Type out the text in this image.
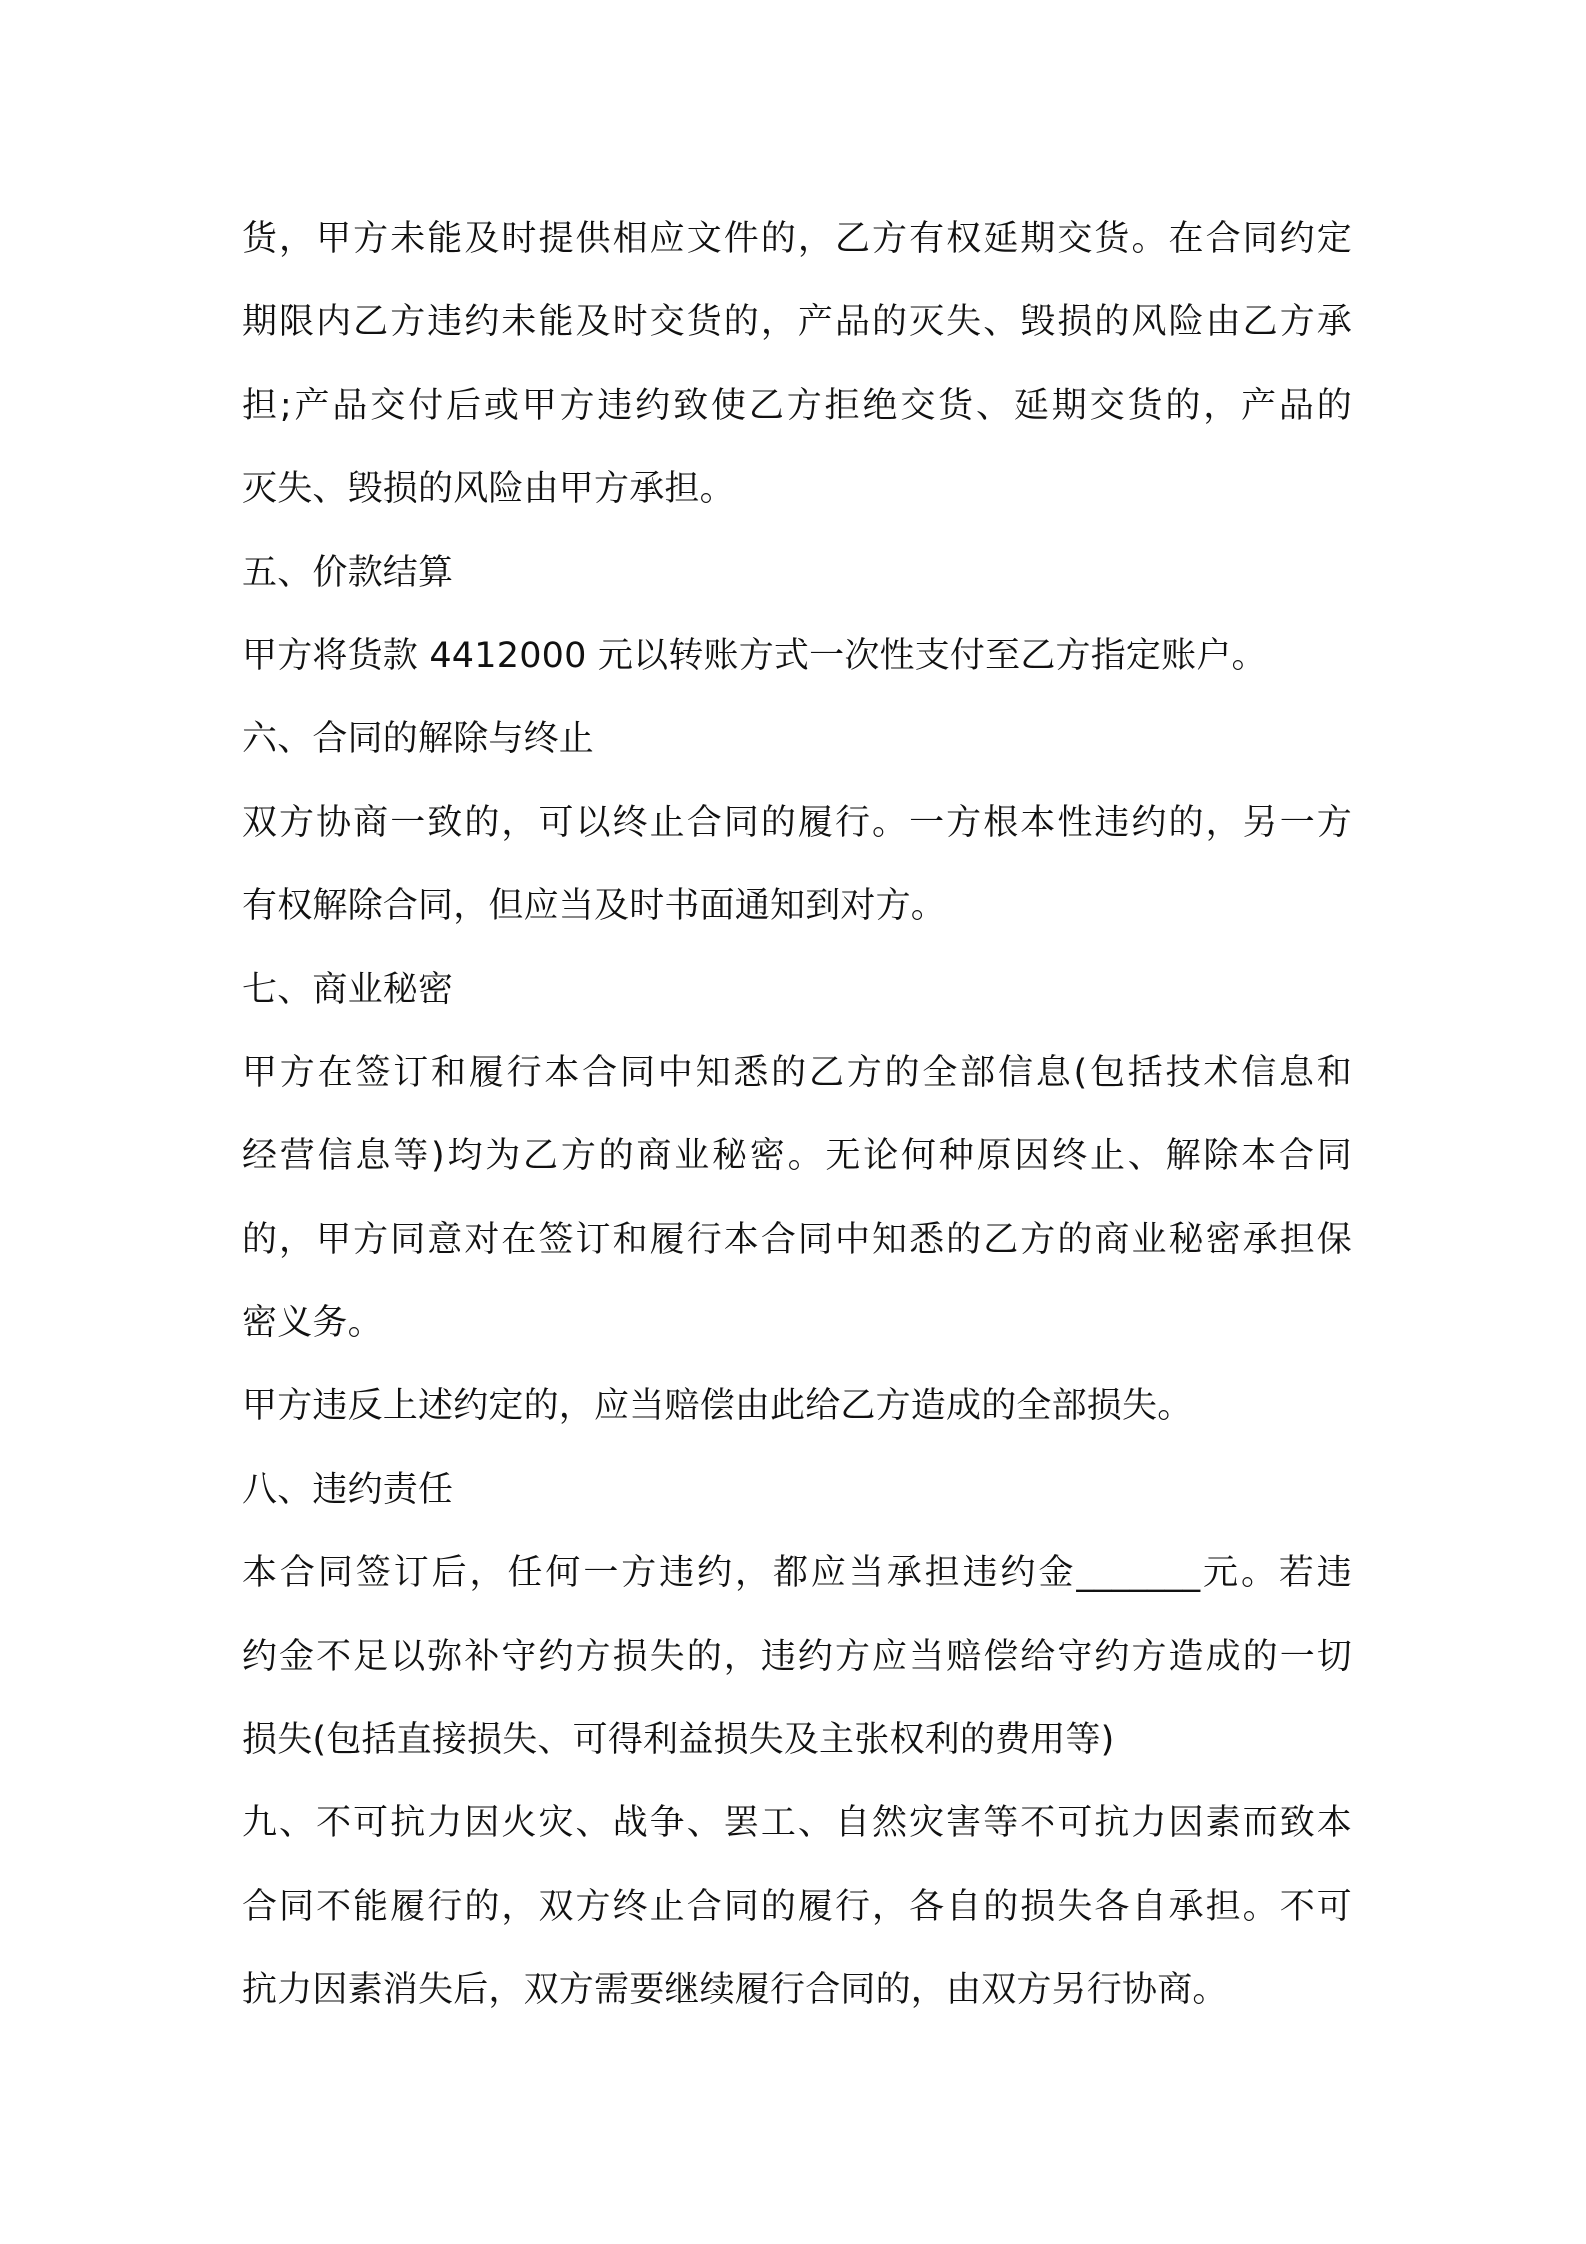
货，甲方未能及时提供相应文件的，乙方有权延期交货。在合同约定

期限内乙方违约未能及时交货的，产品的灭失、毁损的风险由乙方承

担;产品交付后或甲方违约致使乙方拒绝交货、延期交货的，产品的

灭失、毁损的风险由甲方承担。

五、价款结算

甲方将货款 4412000 元以转账方式一次性支付至乙方指定账户。

六、合同的解除与终止

双方协商一致的，可以终止合同的履行。一方根本性违约的，另一方

有权解除合同，但应当及时书面通知到对方。

七、商业秘密

甲方在签订和履行本合同中知悉的乙方的全部信息(包括技术信息和

经营信息等)均为乙方的商业秘密。无论何种原因终止、解除本合同

的，甲方同意对在签订和履行本合同中知悉的乙方的商业秘密承担保

密义务。

甲方违反上述约定的，应当赔偿由此给乙方造成的全部损失。

八、违约责任

本合同签订后，任何一方违约，都应当承担违约金_______元。若违

约金不足以弥补守约方损失的，违约方应当赔偿给守约方造成的一切

损失(包括直接损失、可得利益损失及主张权利的费用等)

九、不可抗力因火灾、战争、罢工、自然灾害等不可抗力因素而致本

合同不能履行的，双方终止合同的履行，各自的损失各自承担。不可

抗力因素消失后，双方需要继续履行合同的，由双方另行协商。
